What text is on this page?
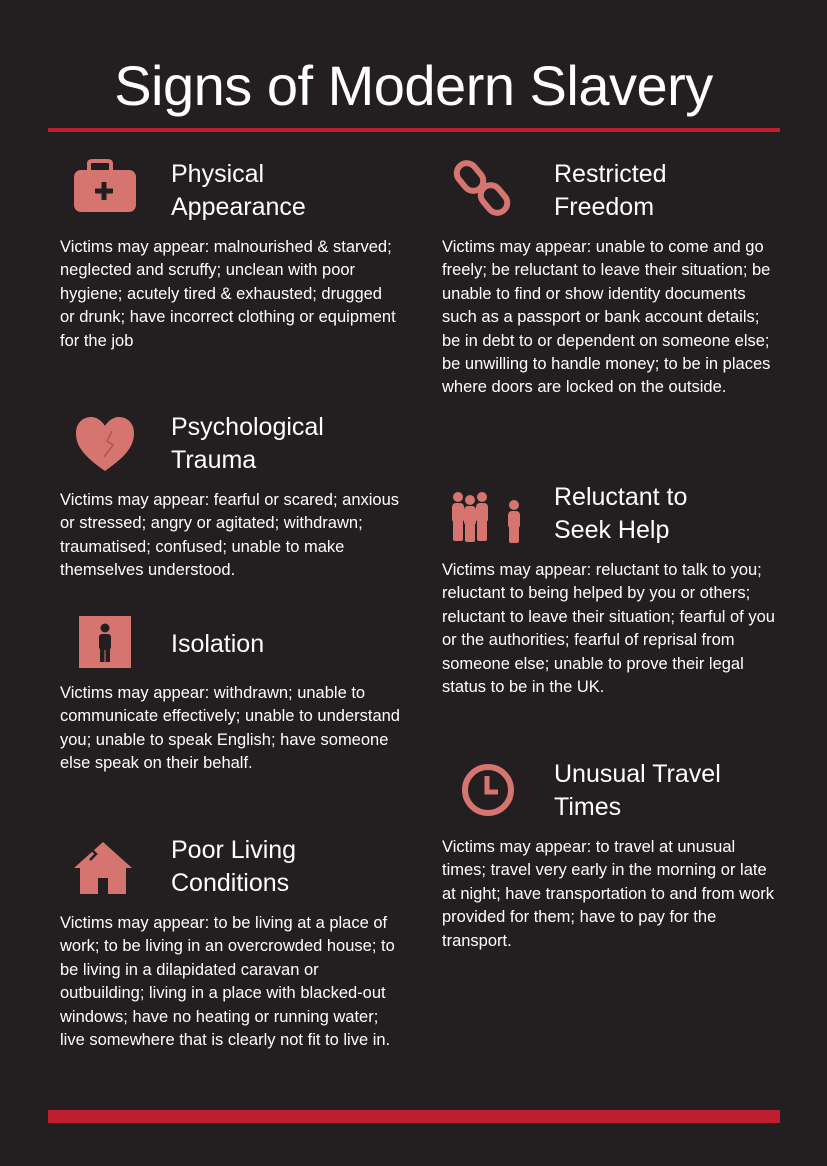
Signs of Modern Slavery
Physical
Appearance

Victims may appear: malnourished & starved; neglected and scruffy; unclean with poor hygiene; acutely tired & exhausted; drugged or drunk; have incorrect clothing or equipment for the job

Psychological
Trauma

Victims may appear: fearful or scared; anxious or stressed; angry or agitated; withdrawn; traumatised; confused; unable to make themselves understood.

Isolation

Victims may appear: withdrawn; unable to communicate effectively; unable to understand you; unable to speak English; have someone else speak on their behalf.

Poor Living
Conditions

Victims may appear: to be living at a place of work; to be living in an overcrowded house; to be living in a dilapidated caravan or outbuilding; living in a place with blacked-out windows; have no heating or running water; live somewhere that is clearly not fit to live in.

Restricted
Freedom

Victims may appear: unable to come and go freely; be reluctant to leave their situation; be unable to find or show identity documents such as a passport or bank account details; be in debt to or dependent on someone else; be unwilling to handle money; to be in places where doors are locked on the outside.

Reluctant to
Seek Help

Victims may appear: reluctant to talk to you; reluctant to being helped by you or others; reluctant to leave their situation; fearful of you or the authorities; fearful of reprisal from someone else; unable to prove their legal status to be in the UK.

Unusual Travel
Times

Victims may appear: to travel at unusual times; travel very early in the morning or late at night; have transportation to and from work provided for them; have to pay for the transport.
